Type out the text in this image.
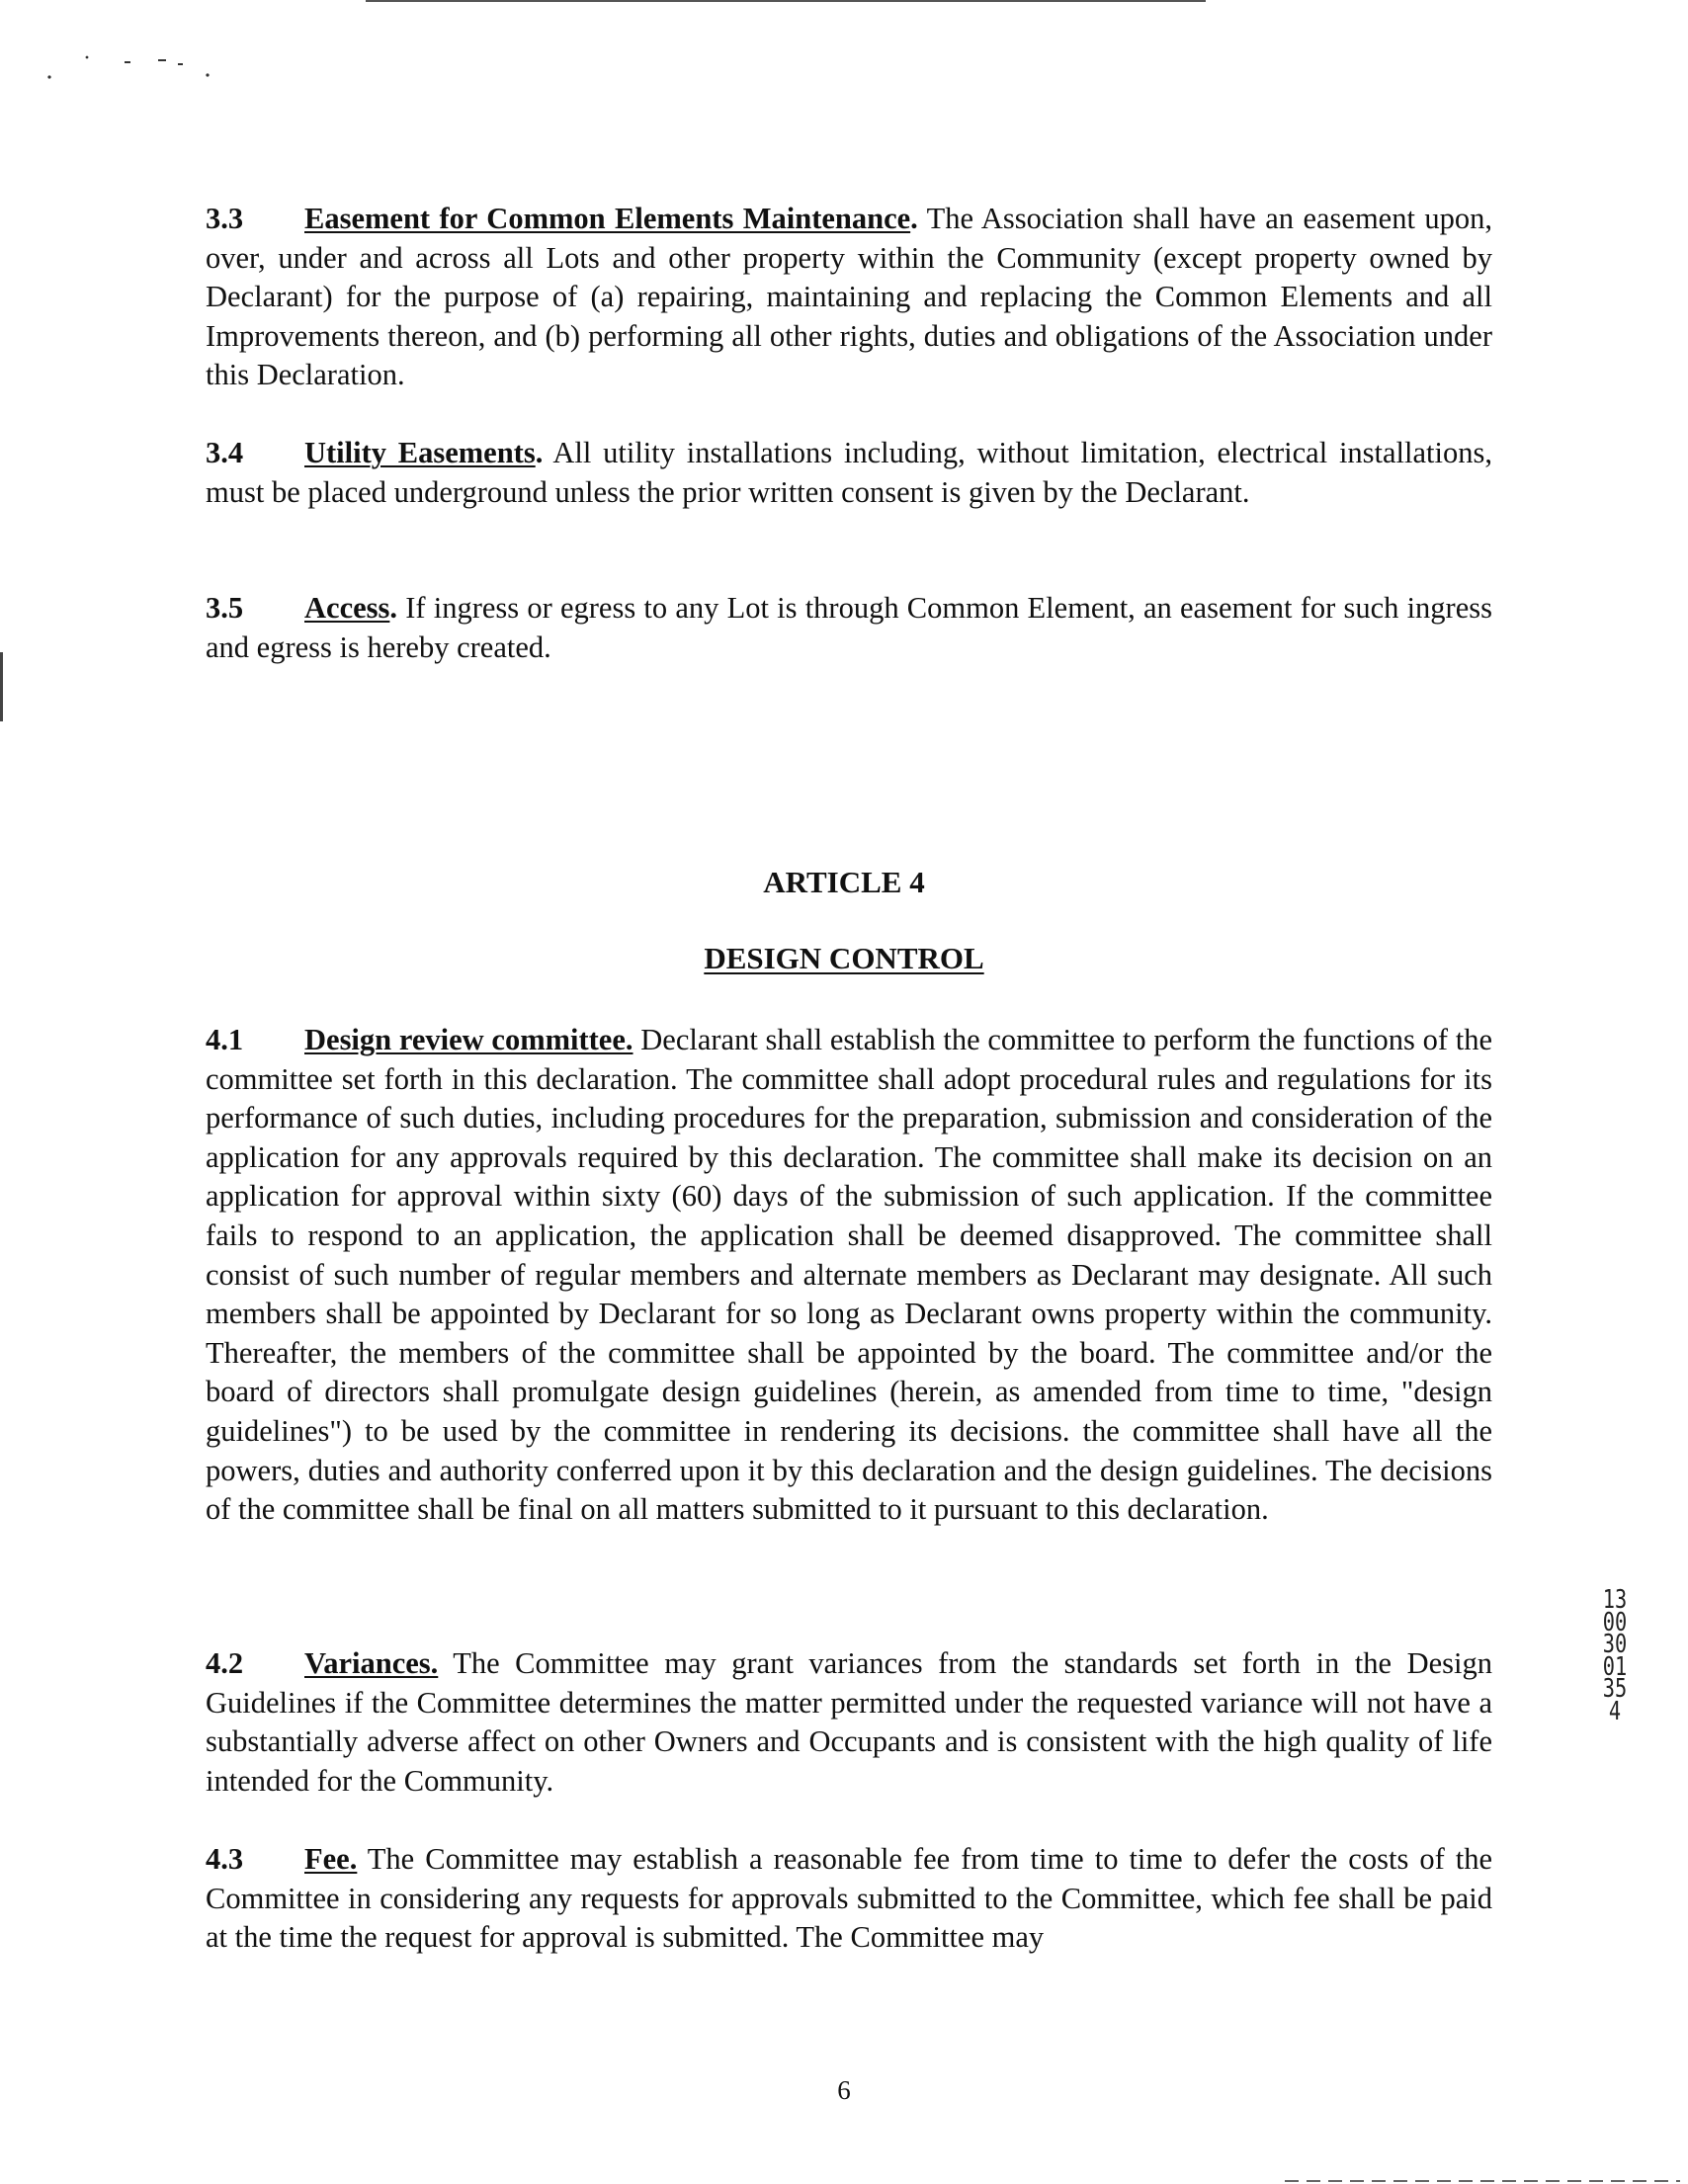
3.3 Easement for Common Elements Maintenance. The Association shall have an easement upon, over, under and across all Lots and other property within the Community (except property owned by Declarant) for the purpose of (a) repairing, maintaining and replacing the Common Elements and all Improvements thereon, and (b) performing all other rights, duties and obligations of the Association under this Declaration.

3.4 Utility Easements. All utility installations including, without limitation, electrical installations, must be placed underground unless the prior written consent is given by the Declarant.

3.5 Access. If ingress or egress to any Lot is through Common Element, an easement for such ingress and egress is hereby created.

ARTICLE 4
DESIGN CONTROL

4.1 Design review committee. Declarant shall establish the committee to perform the functions of the committee set forth in this declaration. The committee shall adopt procedural rules and regulations for its performance of such duties, including procedures for the preparation, submission and consideration of the application for any approvals required by this declaration. The committee shall make its decision on an application for approval within sixty (60) days of the submission of such application. If the committee fails to respond to an application, the application shall be deemed disapproved. The committee shall consist of such number of regular members and alternate members as Declarant may designate. All such members shall be appointed by Declarant for so long as Declarant owns property within the community. Thereafter, the members of the committee shall be appointed by the board. The committee and/or the board of directors shall promulgate design guidelines (herein, as amended from time to time, "design guidelines") to be used by the committee in rendering its decisions. the committee shall have all the powers, duties and authority conferred upon it by this declaration and the design guidelines. The decisions of the committee shall be final on all matters submitted to it pursuant to this declaration.

4.2 Variances. The Committee may grant variances from the standards set forth in the Design Guidelines if the Committee determines the matter permitted under the requested variance will not have a substantially adverse affect on other Owners and Occupants and is consistent with the high quality of life intended for the Community.

4.3 Fee. The Committee may establish a reasonable fee from time to time to defer the costs of the Committee in considering any requests for approvals submitted to the Committee, which fee shall be paid at the time the request for approval is submitted. The Committee may

130030 01354
6
